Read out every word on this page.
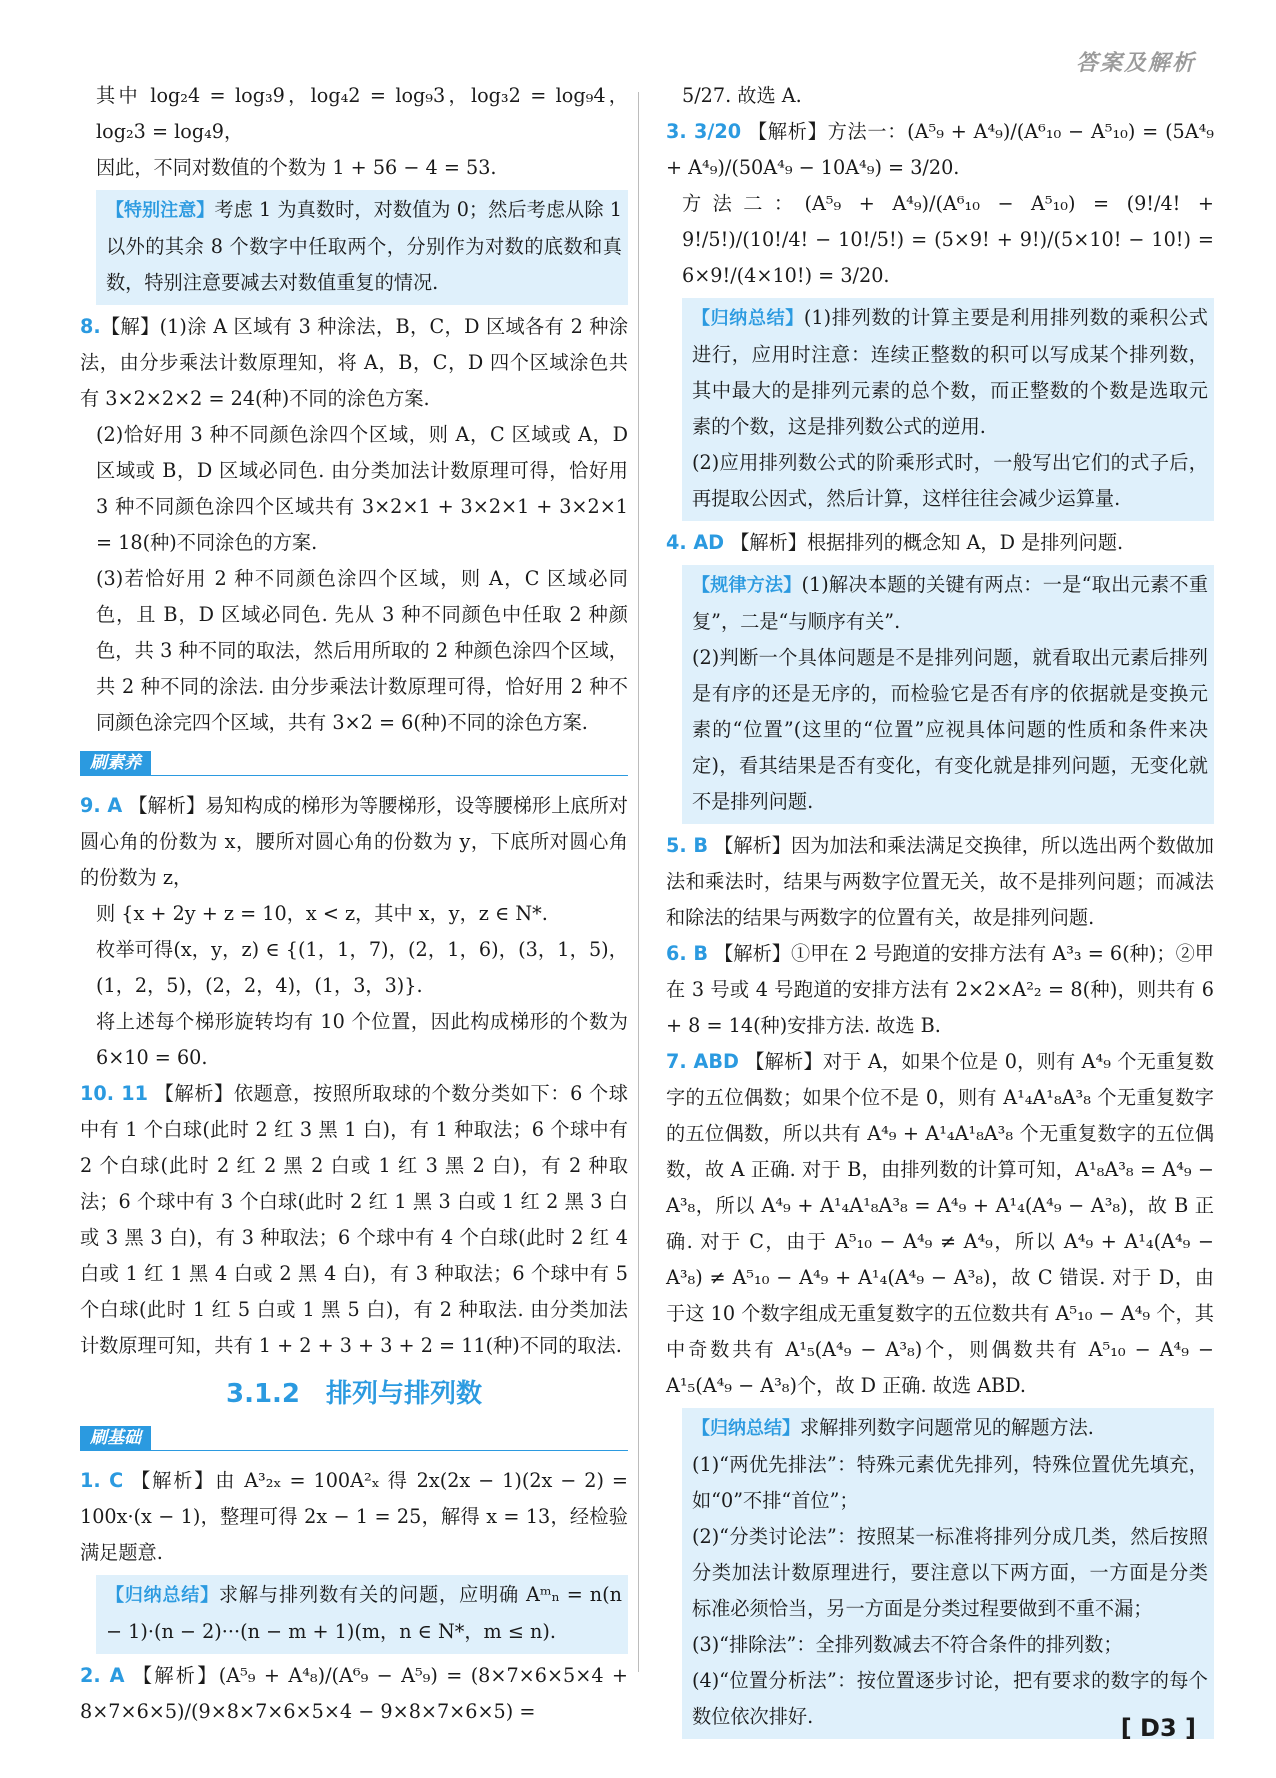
答案及解析

其中 log₂4 = log₃9，log₄2 = log₉3，log₃2 = log₉4，log₂3 = log₄9，

因此，不同对数值的个数为 1 + 56 − 4 = 53.

【特别注意】考虑 1 为真数时，对数值为 0；然后考虑从除 1 以外的其余 8 个数字中任取两个，分别作为对数的底数和真数，特别注意要减去对数值重复的情况.

8.【解】(1)涂 A 区域有 3 种涂法，B，C，D 区域各有 2 种涂法，由分步乘法计数原理知，将 A，B，C，D 四个区域涂色共有 3×2×2×2 = 24(种)不同的涂色方案.

(2)恰好用 3 种不同颜色涂四个区域，则 A，C 区域或 A，D 区域或 B，D 区域必同色. 由分类加法计数原理可得，恰好用 3 种不同颜色涂四个区域共有 3×2×1 + 3×2×1 + 3×2×1 = 18(种)不同涂色的方案.

(3)若恰好用 2 种不同颜色涂四个区域，则 A，C 区域必同色，且 B，D 区域必同色. 先从 3 种不同颜色中任取 2 种颜色，共 3 种不同的取法，然后用所取的 2 种颜色涂四个区域，共 2 种不同的涂法. 由分步乘法计数原理可得，恰好用 2 种不同颜色涂完四个区域，共有 3×2 = 6(种)不同的涂色方案.

刷素养

9. A 【解析】易知构成的梯形为等腰梯形，设等腰梯形上底所对圆心角的份数为 x，腰所对圆心角的份数为 y，下底所对圆心角的份数为 z，

则 {x + 2y + z = 10，x < z，其中 x，y，z ∈ N*.

枚举可得(x，y，z) ∈ {(1，1，7)，(2，1，6)，(3，1，5)，(1，2，5)，(2，2，4)，(1，3，3)}.

将上述每个梯形旋转均有 10 个位置，因此构成梯形的个数为 6×10 = 60.

10. 11 【解析】依题意，按照所取球的个数分类如下：6 个球中有 1 个白球(此时 2 红 3 黑 1 白)，有 1 种取法；6 个球中有 2 个白球(此时 2 红 2 黑 2 白或 1 红 3 黑 2 白)，有 2 种取法；6 个球中有 3 个白球(此时 2 红 1 黑 3 白或 1 红 2 黑 3 白或 3 黑 3 白)，有 3 种取法；6 个球中有 4 个白球(此时 2 红 4 白或 1 红 1 黑 4 白或 2 黑 4 白)，有 3 种取法；6 个球中有 5 个白球(此时 1 红 5 白或 1 黑 5 白)，有 2 种取法. 由分类加法计数原理可知，共有 1 + 2 + 3 + 3 + 2 = 11(种)不同的取法.

3.1.2　排列与排列数
刷基础

1. C 【解析】由 A³₂ₓ = 100A²ₓ 得 2x(2x − 1)(2x − 2) = 100x·(x − 1)，整理可得 2x − 1 = 25，解得 x = 13，经检验满足题意.

【归纳总结】求解与排列数有关的问题，应明确 Aᵐₙ = n(n − 1)·(n − 2)···(n − m + 1)(m，n ∈ N*，m ≤ n).

2. A 【解析】(A⁵₉ + A⁴₈)/(A⁶₉ − A⁵₉) = (8×7×6×5×4 + 8×7×6×5)/(9×8×7×6×5×4 − 9×8×7×6×5) =

5/27. 故选 A.

3. 3/20 【解析】方法一：(A⁵₉ + A⁴₉)/(A⁶₁₀ − A⁵₁₀) = (5A⁴₉ + A⁴₉)/(50A⁴₉ − 10A⁴₉) = 3/20.

方法二：(A⁵₉ + A⁴₉)/(A⁶₁₀ − A⁵₁₀) = (9!/4! + 9!/5!)/(10!/4! − 10!/5!) = (5×9! + 9!)/(5×10! − 10!) = 6×9!/(4×10!) = 3/20.

【归纳总结】(1)排列数的计算主要是利用排列数的乘积公式进行，应用时注意：连续正整数的积可以写成某个排列数，其中最大的是排列元素的总个数，而正整数的个数是选取元素的个数，这是排列数公式的逆用.

(2)应用排列数公式的阶乘形式时，一般写出它们的式子后，再提取公因式，然后计算，这样往往会减少运算量.

4. AD 【解析】根据排列的概念知 A，D 是排列问题.

【规律方法】(1)解决本题的关键有两点：一是“取出元素不重复”，二是“与顺序有关”.

(2)判断一个具体问题是不是排列问题，就看取出元素后排列是有序的还是无序的，而检验它是否有序的依据就是变换元素的“位置”(这里的“位置”应视具体问题的性质和条件来决定)，看其结果是否有变化，有变化就是排列问题，无变化就不是排列问题.

5. B 【解析】因为加法和乘法满足交换律，所以选出两个数做加法和乘法时，结果与两数字位置无关，故不是排列问题；而减法和除法的结果与两数字的位置有关，故是排列问题.

6. B 【解析】①甲在 2 号跑道的安排方法有 A³₃ = 6(种)；②甲在 3 号或 4 号跑道的安排方法有 2×2×A²₂ = 8(种)，则共有 6 + 8 = 14(种)安排方法. 故选 B.

7. ABD 【解析】对于 A，如果个位是 0，则有 A⁴₉ 个无重复数字的五位偶数；如果个位不是 0，则有 A¹₄A¹₈A³₈ 个无重复数字的五位偶数，所以共有 A⁴₉ + A¹₄A¹₈A³₈ 个无重复数字的五位偶数，故 A 正确. 对于 B，由排列数的计算可知，A¹₈A³₈ = A⁴₉ − A³₈，所以 A⁴₉ + A¹₄A¹₈A³₈ = A⁴₉ + A¹₄(A⁴₉ − A³₈)，故 B 正确. 对于 C，由于 A⁵₁₀ − A⁴₉ ≠ A⁴₉，所以 A⁴₉ + A¹₄(A⁴₉ − A³₈) ≠ A⁵₁₀ − A⁴₉ + A¹₄(A⁴₉ − A³₈)，故 C 错误. 对于 D，由于这 10 个数字组成无重复数字的五位数共有 A⁵₁₀ − A⁴₉ 个，其中奇数共有 A¹₅(A⁴₉ − A³₈)个，则偶数共有 A⁵₁₀ − A⁴₉ − A¹₅(A⁴₉ − A³₈)个，故 D 正确. 故选 ABD.

【归纳总结】求解排列数字问题常见的解题方法.

(1)“两优先排法”：特殊元素优先排列，特殊位置优先填充，如“0”不排“首位”；

(2)“分类讨论法”：按照某一标准将排列分成几类，然后按照分类加法计数原理进行，要注意以下两方面，一方面是分类标准必须恰当，另一方面是分类过程要做到不重不漏；

(3)“排除法”：全排列数减去不符合条件的排列数；

(4)“位置分析法”：按位置逐步讨论，把有要求的数字的每个数位依次排好.	[ D3 ]
